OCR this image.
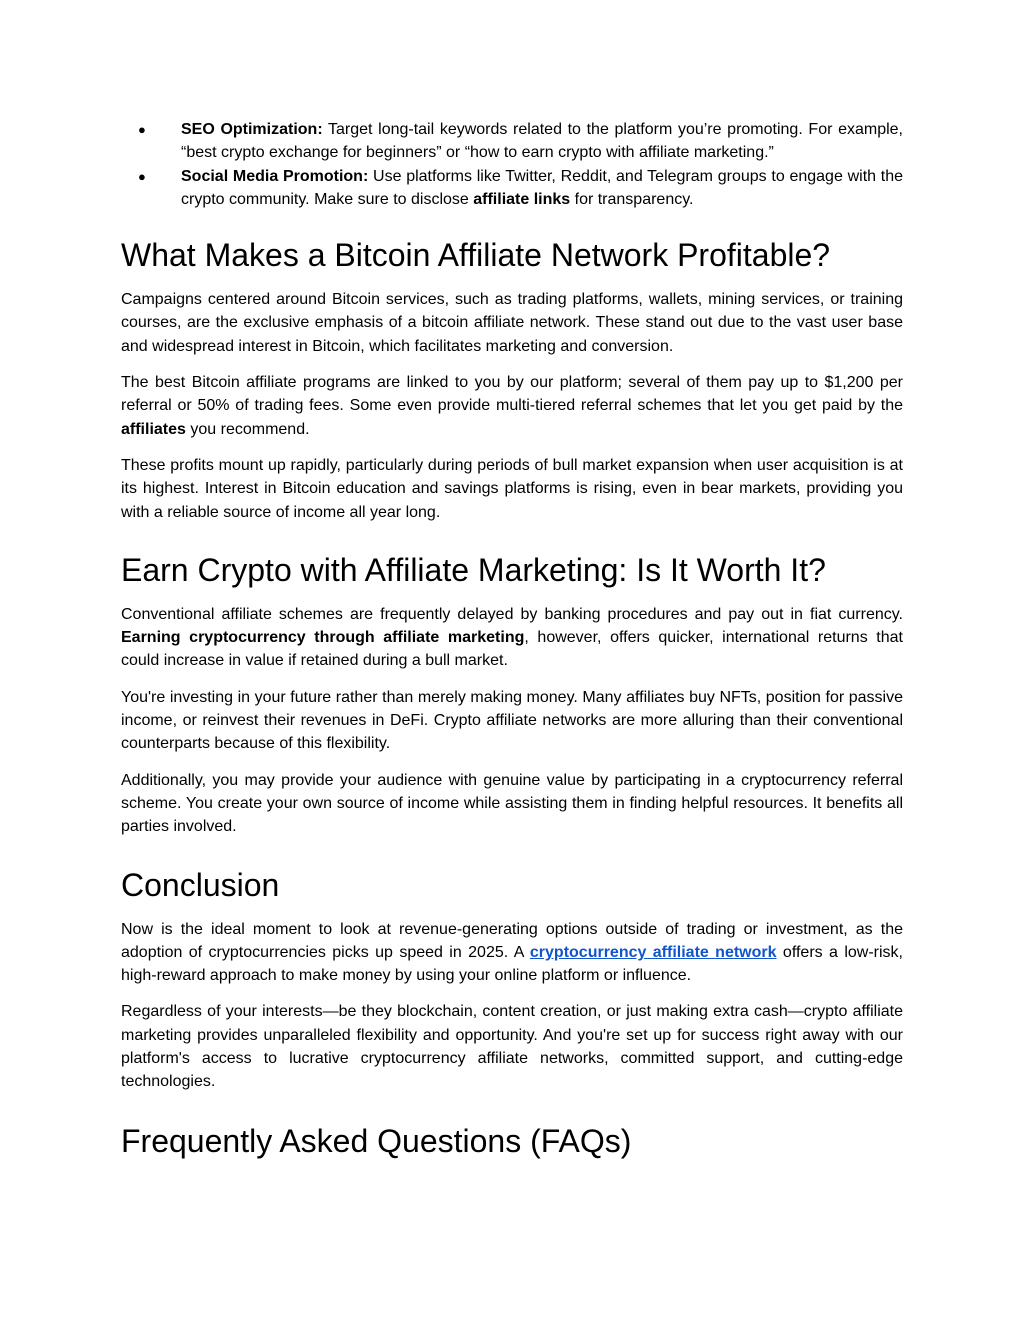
● SEO Optimization: Target long-tail keywords related to the platform you’re promoting. For example, “best crypto exchange for beginners” or “how to earn crypto with affiliate marketing.”
● Social Media Promotion: Use platforms like Twitter, Reddit, and Telegram groups to engage with the crypto community. Make sure to disclose affiliate links for transparency.
What Makes a Bitcoin Affiliate Network Profitable?

Campaigns centered around Bitcoin services, such as trading platforms, wallets, mining services, or training courses, are the exclusive emphasis of a bitcoin affiliate network. These stand out due to the vast user base and widespread interest in Bitcoin, which facilitates marketing and conversion.

The best Bitcoin affiliate programs are linked to you by our platform; several of them pay up to $1,200 per referral or 50% of trading fees. Some even provide multi-tiered referral schemes that let you get paid by the affiliates you recommend.

These profits mount up rapidly, particularly during periods of bull market expansion when user acquisition is at its highest. Interest in Bitcoin education and savings platforms is rising, even in bear markets, providing you with a reliable source of income all year long.

Earn Crypto with Affiliate Marketing: Is It Worth It?

Conventional affiliate schemes are frequently delayed by banking procedures and pay out in fiat currency.  Earning cryptocurrency through affiliate marketing, however, offers quicker, international returns that could increase in value if retained during a bull market.

You're investing in your future rather than merely making money. Many affiliates buy NFTs, position for passive income, or reinvest their revenues in DeFi. Crypto affiliate networks are more alluring than their conventional counterparts because of this flexibility.

Additionally, you may provide your audience with genuine value by participating in a cryptocurrency referral scheme. You create your own source of income while assisting them in finding helpful resources. It benefits all parties involved.

Conclusion

Now is the ideal moment to look at revenue-generating options outside of trading or investment, as the adoption of cryptocurrencies picks up speed in 2025. A cryptocurrency affiliate network offers a low-risk, high-reward approach to make money by using your online platform or influence.

Regardless of your interests—be they blockchain, content creation, or just making extra cash—crypto affiliate marketing provides unparalleled flexibility and opportunity. And you're set up for success right away with our platform's access to lucrative cryptocurrency affiliate networks, committed support, and cutting-edge technologies.

Frequently Asked Questions (FAQs)
